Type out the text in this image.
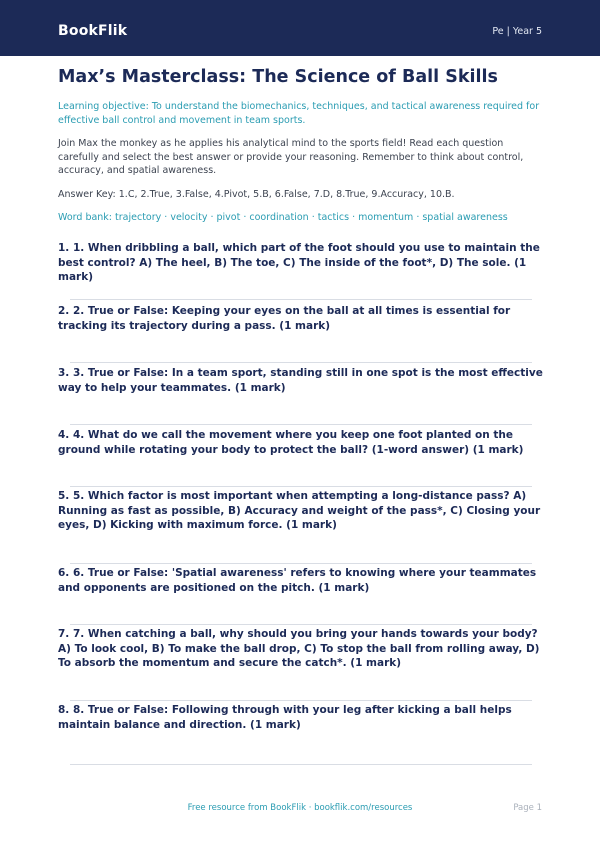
BookFlik	Pe | Year 5
Max’s Masterclass: The Science of Ball Skills

Learning objective: To understand the biomechanics, techniques, and tactical awareness required for effective ball control and movement in team sports.

Join Max the monkey as he applies his analytical mind to the sports field! Read each question carefully and select the best answer or provide your reasoning. Remember to think about control, accuracy, and spatial awareness.

Answer Key: 1.C, 2.True, 3.False, 4.Pivot, 5.B, 6.False, 7.D, 8.True, 9.Accuracy, 10.B.

Word bank: trajectory · velocity · pivot · coordination · tactics · momentum · spatial awareness

1. 1. When dribbling a ball, which part of the foot should you use to maintain the best control? A) The heel, B) The toe, C) The inside of the foot*, D) The sole. (1 mark)
2. 2. True or False: Keeping your eyes on the ball at all times is essential for tracking its trajectory during a pass. (1 mark)
3. 3. True or False: In a team sport, standing still in one spot is the most effective way to help your teammates. (1 mark)
4. 4. What do we call the movement where you keep one foot planted on the ground while rotating your body to protect the ball? (1-word answer) (1 mark)
5. 5. Which factor is most important when attempting a long-distance pass? A) Running as fast as possible, B) Accuracy and weight of the pass*, C) Closing your eyes, D) Kicking with maximum force. (1 mark)
6. 6. True or False: 'Spatial awareness' refers to knowing where your teammates and opponents are positioned on the pitch. (1 mark)
7. 7. When catching a ball, why should you bring your hands towards your body? A) To look cool, B) To make the ball drop, C) To stop the ball from rolling away, D) To absorb the momentum and secure the catch*. (1 mark)
8. 8. True or False: Following through with your leg after kicking a ball helps maintain balance and direction. (1 mark)
Free resource from BookFlik · bookflik.com/resources	Page 1
